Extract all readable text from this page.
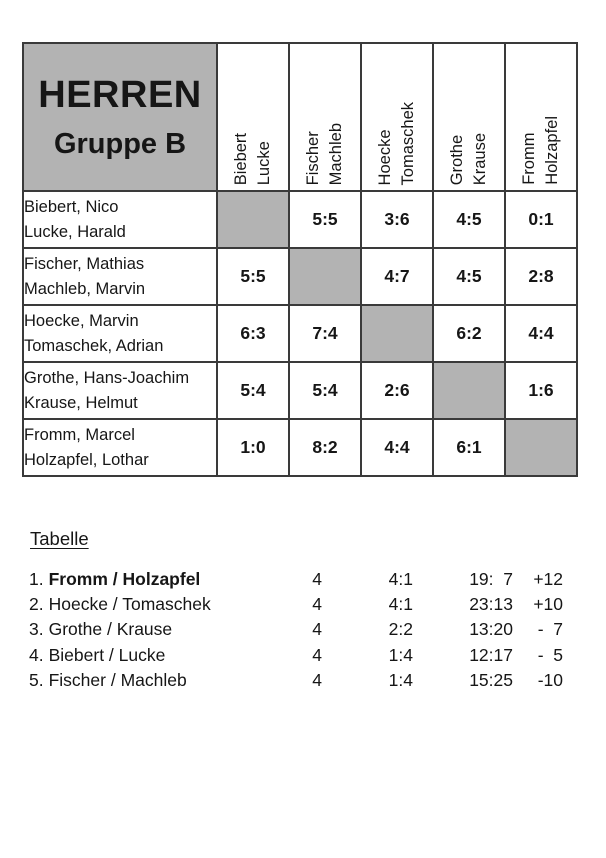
HERREN
Gruppe B	Biebert Lucke	Fischer Machleb	Hoecke Tomaschek	Grothe Krause	Fromm Holzapfel

Biebert, Nico
Lucke, Harald		5:5	3:6	4:5	0:1

Fischer, Mathias
Machleb, Marvin	5:5		4:7	4:5	2:8

Hoecke, Marvin
Tomaschek, Adrian	6:3	7:4		6:2	4:4

Grothe, Hans-Joachim
Krause, Helmut	5:4	5:4	2:6		1:6

Fromm, Marcel
Holzapfel, Lothar	1:0	8:2	4:4	6:1	
Tabelle
1. Fromm / Holzapfel	4	4:1	19:  7	+12
2. Hoecke / Tomaschek	4	4:1	23:13	+10
3. Grothe / Krause	4	2:2	13:20	-  7
4. Biebert / Lucke	4	1:4	12:17	-  5
5. Fischer / Machleb	4	1:4	15:25	-10
